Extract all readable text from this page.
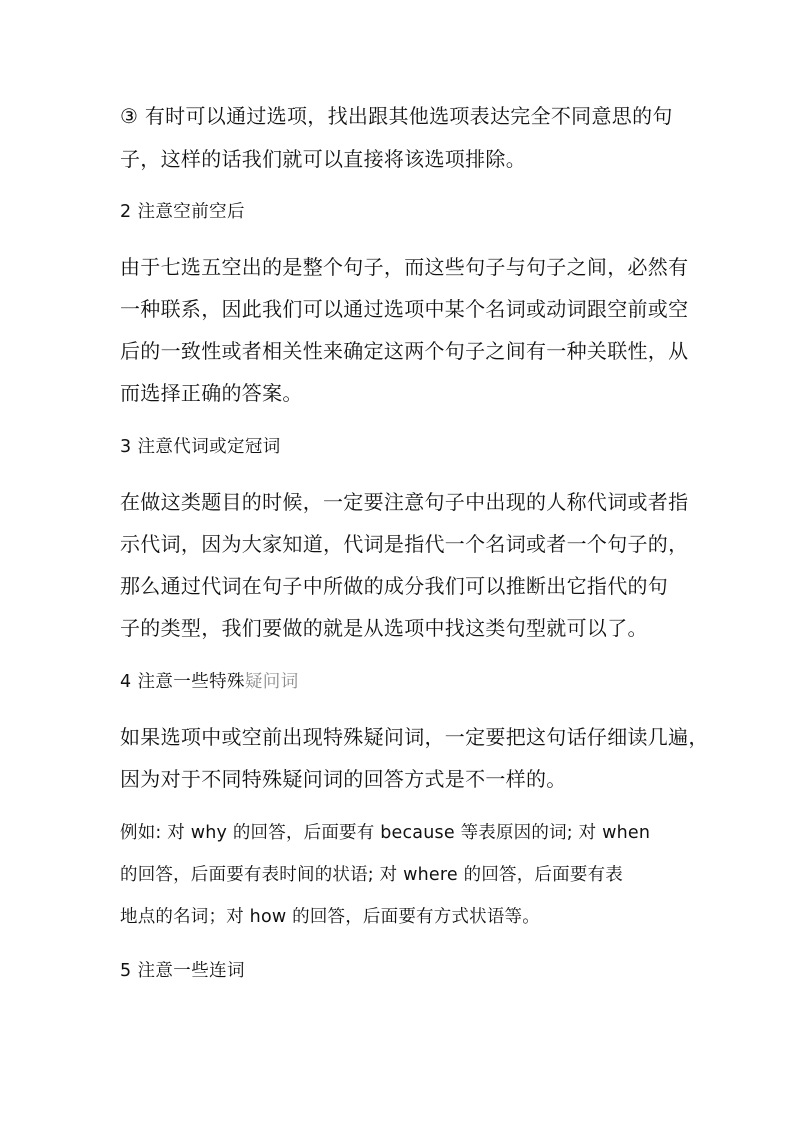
③ 有时可以通过选项，找出跟其他选项表达完全不同意思的句
子，这样的话我们就可以直接将该选项排除。
2 注意空前空后
由于七选五空出的是整个句子，而这些句子与句子之间，必然有
一种联系，因此我们可以通过选项中某个名词或动词跟空前或空
后的一致性或者相关性来确定这两个句子之间有一种关联性，从
而选择正确的答案。
3 注意代词或定冠词
在做这类题目的时候，一定要注意句子中出现的人称代词或者指
示代词，因为大家知道，代词是指代一个名词或者一个句子的，
那么通过代词在句子中所做的成分我们可以推断出它指代的句
子的类型，我们要做的就是从选项中找这类句型就可以了。
4 注意一些特殊疑问词
如果选项中或空前出现特殊疑问词，一定要把这句话仔细读几遍，
因为对于不同特殊疑问词的回答方式是不一样的。
例如: 对 why 的回答，后面要有 because 等表原因的词; 对 when
的回答，后面要有表时间的状语; 对 where 的回答，后面要有表
地点的名词；对 how 的回答，后面要有方式状语等。
5 注意一些连词
